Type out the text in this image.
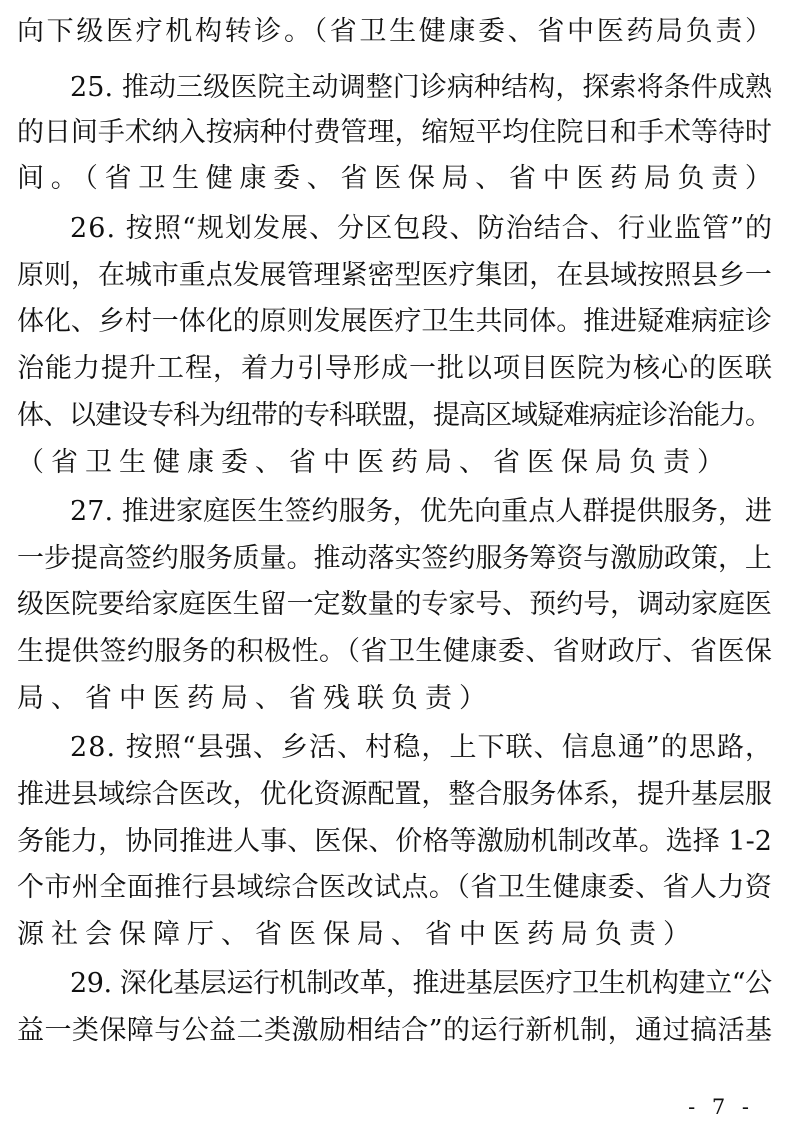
向下级医疗机构转诊。（省卫生健康委、省中医药局负责）
25. 推动三级医院主动调整门诊病种结构，探索将条件成熟
的日间手术纳入按病种付费管理，缩短平均住院日和手术等待时
间。（省卫生健康委、省医保局、省中医药局负责）
26. 按照“规划发展、分区包段、防治结合、行业监管”的
原则，在城市重点发展管理紧密型医疗集团，在县域按照县乡一
体化、乡村一体化的原则发展医疗卫生共同体。推进疑难病症诊
治能力提升工程，着力引导形成一批以项目医院为核心的医联
体、以建设专科为纽带的专科联盟，提高区域疑难病症诊治能力。
（省卫生健康委、省中医药局、省医保局负责）
27. 推进家庭医生签约服务，优先向重点人群提供服务，进
一步提高签约服务质量。推动落实签约服务筹资与激励政策，上
级医院要给家庭医生留一定数量的专家号、预约号，调动家庭医
生提供签约服务的积极性。（省卫生健康委、省财政厅、省医保
局、省中医药局、省残联负责）
28. 按照“县强、乡活、村稳，上下联、信息通”的思路，
推进县域综合医改，优化资源配置，整合服务体系，提升基层服
务能力，协同推进人事、医保、价格等激励机制改革。选择 1-2
个市州全面推行县域综合医改试点。（省卫生健康委、省人力资
源社会保障厅、省医保局、省中医药局负责）
29. 深化基层运行机制改革，推进基层医疗卫生机构建立“公
益一类保障与公益二类激励相结合”的运行新机制，通过搞活基
- 7 -
